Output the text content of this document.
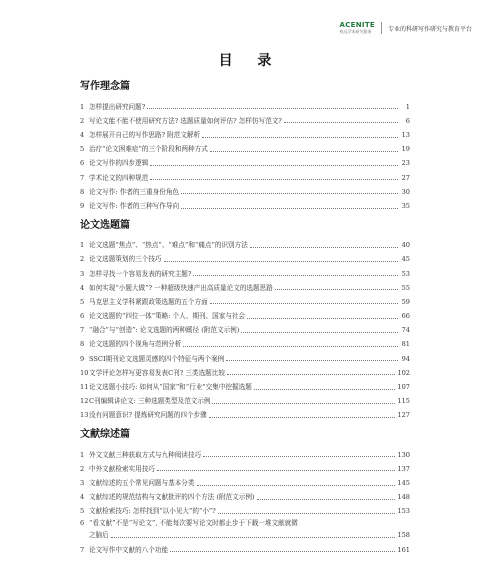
ACENITE
致远学术研究服务	专业的科研写作研究与教育平台
目 录
写作理念篇
1 怎样提出研究问题?	1
2 写论文能不能不使用研究方法? 选题质量如何评估? 怎样仿写范文?	6
4 怎样展开自己的写作思路? 附范文解析	13
5 治疗“论文困难症”的三个阶段和两种方式	19
6 论文写作的四步逻辑	23
7 学术论文的四种规范	27
8 论文写作: 作者的三重身份角色	30
9 论文写作: 作者的三种写作导向	35
论文选题篇
1 论文选题“焦点”、“热点”、“难点”和“痛点”的识别方法	40
2 论文选题策划的三个技巧	45
3 怎样寻找一个容易发表的研究主题?	53
4 如何实现“小题大做”? 一种超级快速产出高质量论文的选题思路	55
5 马克思主义学科紧跟政策选题的五个方面	59
6 论文选题的“四位一体”策略: 个人、期刊、国家与社会	66
7 “融合”与“创造”: 论文选题的两种蹊径 (附范文示例)	74
8 论文选题的四个视角与范例分析	81
9 SSCI期刊论文选题灵感的四个特征与两个案例	94
10 文学评论怎样写更容易发表C刊? 三类选题比较	102
11 论文选题小技巧: 如何从“国家”和“行业”交集中挖掘选题	107
12 C刊编辑讲论文: 三种选题类型及范文示例	115
13 没有问题意识? 提炼研究问题的四个步骤	127
文献综述篇
1 外文文献三种获取方式与九种阅读技巧	130
2 中外文献检索实用技巧	137
3 文献综述的五个常见问题与基本分类	145
4 文献综述的规范结构与文献批评的四个方法 (附范文示例)	148
5 文献检索技巧: 怎样找到“以小见大”的“小”?	153
6 “看文献”不是“写论文”, 不能每次要写论文时都止步于下载一堆文献就微
之脑后	158
7 论文写作中文献的八个功能	161
